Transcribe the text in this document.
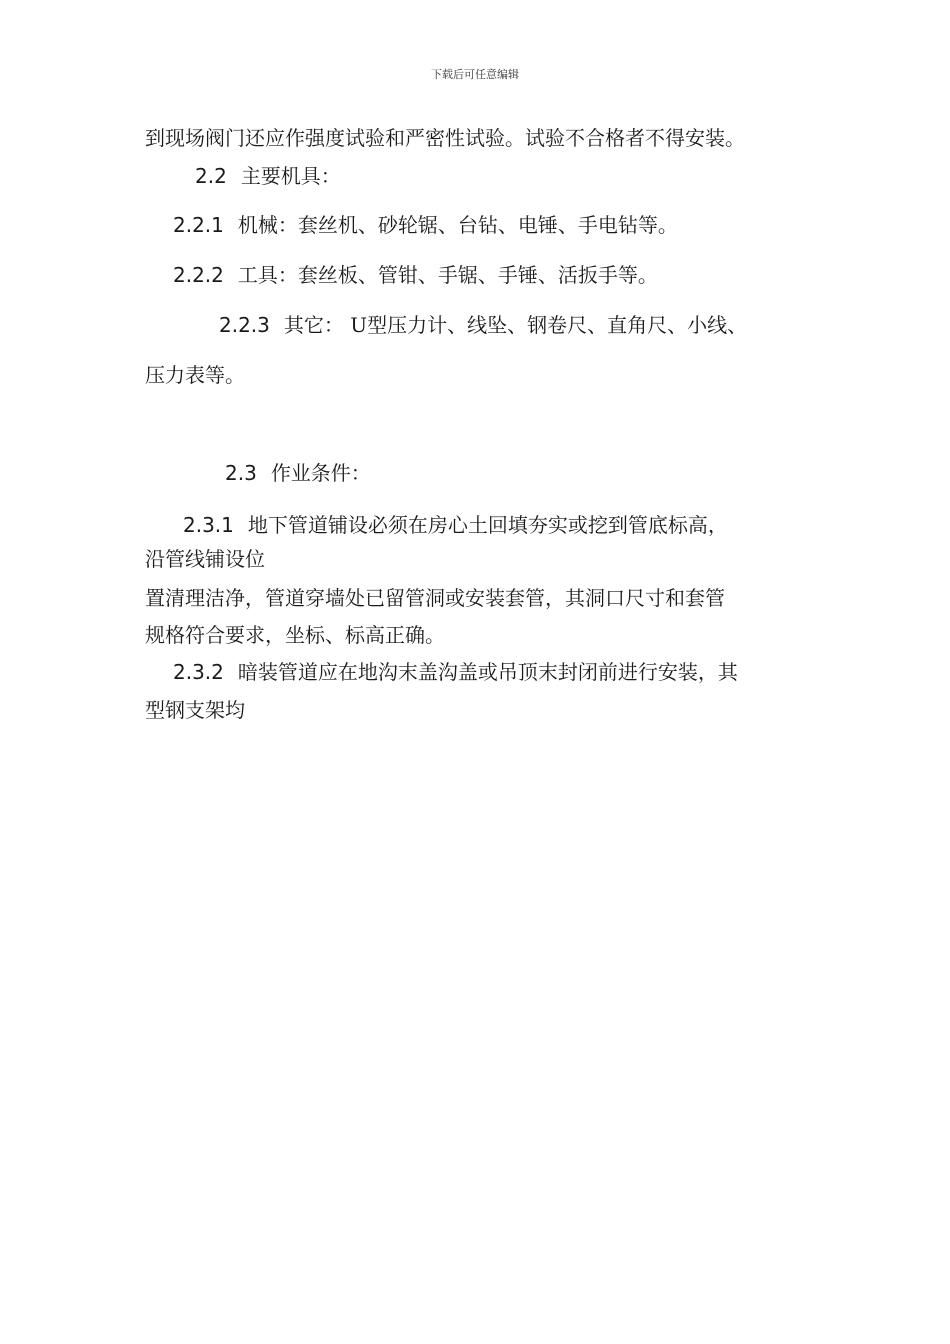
下载后可任意编辑
到现场阀门还应作强度试验和严密性试验。试验不合格者不得安装。
2.2 主要机具：
2.2.1 机械：套丝机、砂轮锯、台钻、电锤、手电钻等。
2.2.2 工具：套丝板、管钳、手锯、手锤、活扳手等。
2.2.3 其它： U型压力计、线坠、钢卷尺、直角尺、小线、
压力表等。
2.3 作业条件：
2.3.1 地下管道铺设必须在房心土回填夯实或挖到管底标高，
沿管线铺设位
置清理洁净，管道穿墙处已留管洞或安装套管，其洞口尺寸和套管
规格符合要求，坐标、标高正确。
2.3.2 暗装管道应在地沟末盖沟盖或吊顶末封闭前进行安装，其
型钢支架均
